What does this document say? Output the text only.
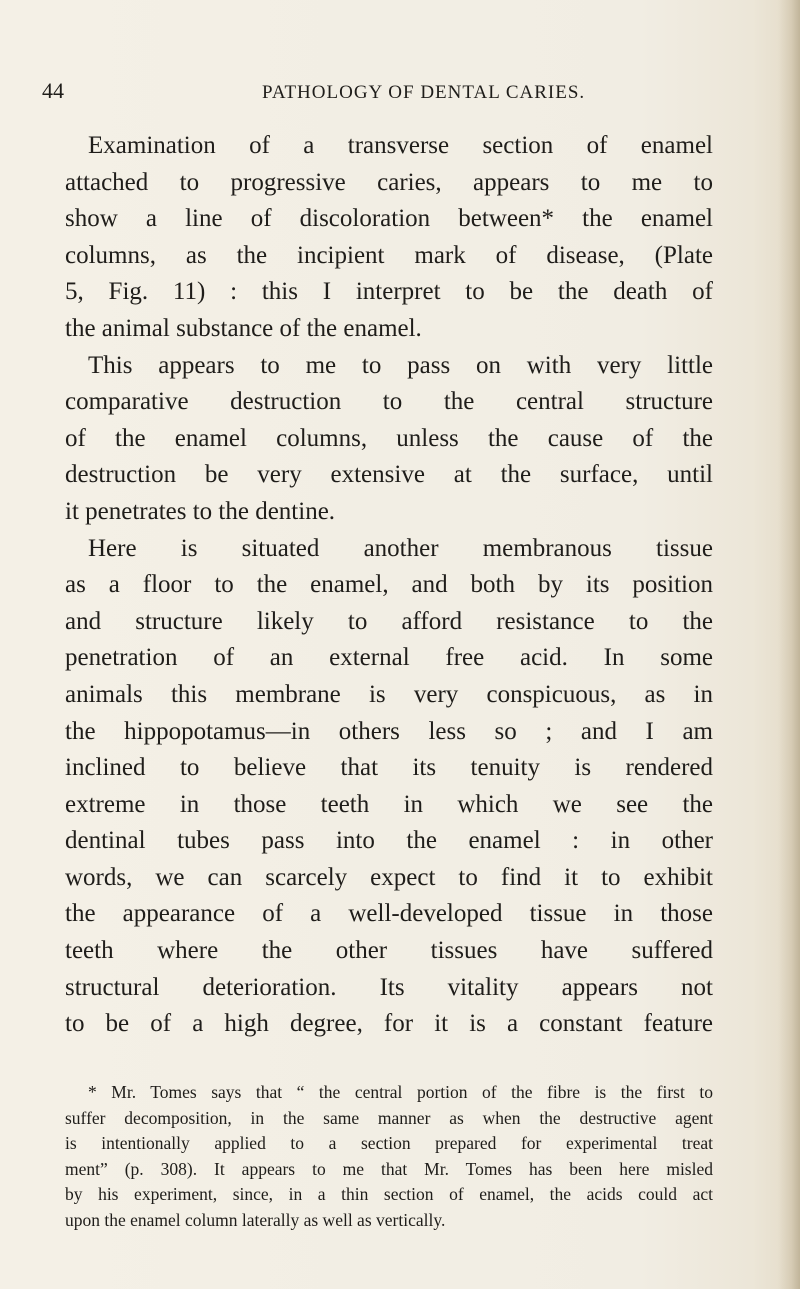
44	PATHOLOGY OF DENTAL CARIES.
Examination of a transverse section of enamel
attached to progressive caries, appears to me to
show a line of discoloration between* the enamel
columns, as the incipient mark of disease, (Plate
5, Fig. 11) : this I interpret to be the death of
the animal substance of the enamel.
This appears to me to pass on with very little
comparative destruction to the central structure
of the enamel columns, unless the cause of the
destruction be very extensive at the surface, until
it penetrates to the dentine.
Here is situated another membranous tissue
as a floor to the enamel, and both by its position
and structure likely to afford resistance to the
penetration of an external free acid. In some
animals this membrane is very conspicuous, as in
the hippopotamus—in others less so ; and I am
inclined to believe that its tenuity is rendered
extreme in those teeth in which we see the
dentinal tubes pass into the enamel : in other
words, we can scarcely expect to find it to exhibit
the appearance of a well-developed tissue in those
teeth where the other tissues have suffered
structural deterioration. Its vitality appears not
to be of a high degree, for it is a constant feature
* Mr. Tomes says that “ the central portion of the fibre is the first to
suffer decomposition, in the same manner as when the destructive agent
is intentionally applied to a section prepared for experimental treat
ment” (p. 308). It appears to me that Mr. Tomes has been here misled
by his experiment, since, in a thin section of enamel, the acids could act
upon the enamel column laterally as well as vertically.
